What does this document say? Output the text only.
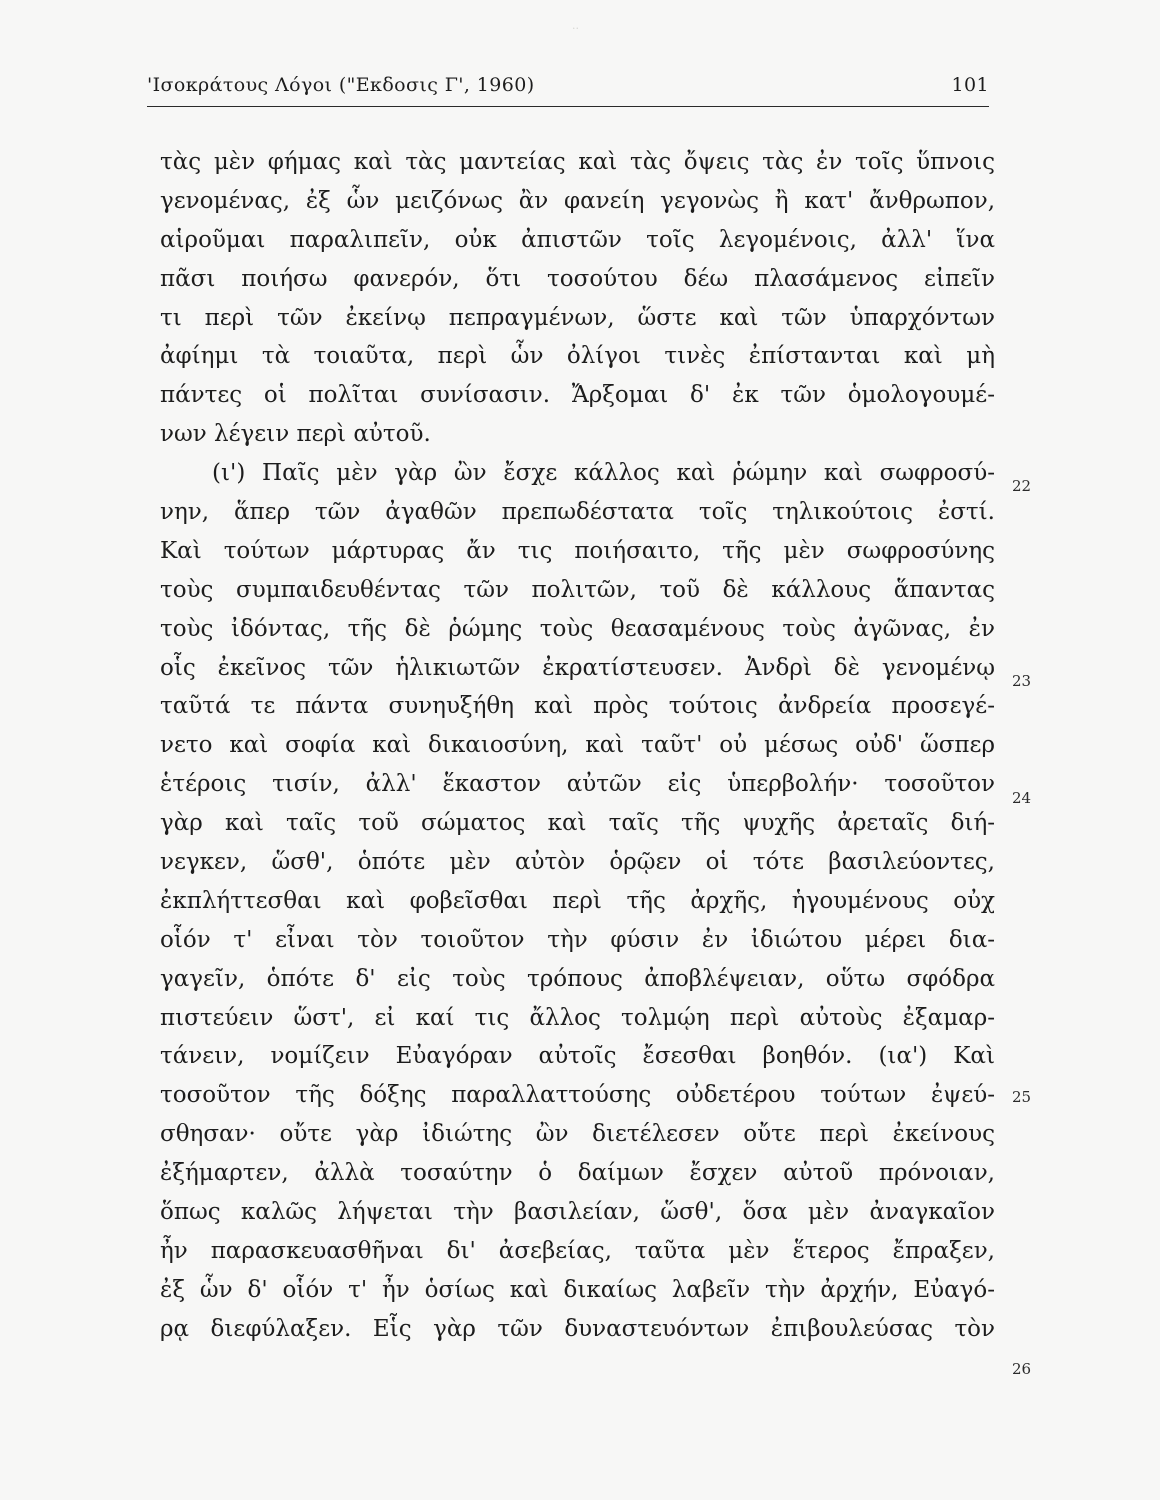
··
'Ισοκράτους Λόγοι ("Εκδοσις Γ', 1960)	101
τὰς μὲν φήμας καὶ τὰς μαντείας καὶ τὰς ὄψεις τὰς ἐν τοῖς ὕπνοις
γενομένας, ἐξ ὧν μειζόνως ἂν φανείη γεγονὼς ἢ κατ' ἄνθρωπον,
αἱροῦμαι παραλιπεῖν, οὐκ ἀπιστῶν τοῖς λεγομένοις, ἀλλ' ἵνα
πᾶσι ποιήσω φανερόν, ὅτι τοσούτου δέω πλασάμενος εἰπεῖν
τι περὶ τῶν ἐκείνῳ πεπραγμένων, ὥστε καὶ τῶν ὑπαρχόντων
ἀφίημι τὰ τοιαῦτα, περὶ ὧν ὀλίγοι τινὲς ἐπίστανται καὶ μὴ
πάντες οἱ πολῖται συνίσασιν. Ἄρξομαι δ' ἐκ τῶν ὁμολογουμέ-
νων λέγειν περὶ αὐτοῦ.
(ι') Παῖς μὲν γὰρ ὢν ἔσχε κάλλος καὶ ῥώμην καὶ σωφροσύ-
νην, ἅπερ τῶν ἀγαθῶν πρεπωδέστατα τοῖς τηλικούτοις ἐστί.
Καὶ τούτων μάρτυρας ἄν τις ποιήσαιτο, τῆς μὲν σωφροσύνης
τοὺς συμπαιδευθέντας τῶν πολιτῶν, τοῦ δὲ κάλλους ἅπαντας
τοὺς ἰδόντας, τῆς δὲ ῥώμης τοὺς θεασαμένους τοὺς ἀγῶνας, ἐν
οἷς ἐκεῖνος τῶν ἡλικιωτῶν ἐκρατίστευσεν. Ἀνδρὶ δὲ γενομένῳ
ταῦτά τε πάντα συνηυξήθη καὶ πρὸς τούτοις ἀνδρεία προσεγέ-
νετο καὶ σοφία καὶ δικαιοσύνη, καὶ ταῦτ' οὐ μέσως οὐδ' ὥσπερ
ἑτέροις τισίν, ἀλλ' ἕκαστον αὐτῶν εἰς ὑπερβολήν· τοσοῦτον
γὰρ καὶ ταῖς τοῦ σώματος καὶ ταῖς τῆς ψυχῆς ἀρεταῖς διή-
νεγκεν, ὥσθ', ὁπότε μὲν αὐτὸν ὁρῷεν οἱ τότε βασιλεύοντες,
ἐκπλήττεσθαι καὶ φοβεῖσθαι περὶ τῆς ἀρχῆς, ἡγουμένους οὐχ
οἷόν τ' εἶναι τὸν τοιοῦτον τὴν φύσιν ἐν ἰδιώτου μέρει δια-
γαγεῖν, ὁπότε δ' εἰς τοὺς τρόπους ἀποβλέψειαν, οὕτω σφόδρα
πιστεύειν ὥστ', εἰ καί τις ἄλλος τολμῴη περὶ αὐτοὺς ἐξαμαρ-
τάνειν, νομίζειν Εὐαγόραν αὐτοῖς ἔσεσθαι βοηθόν. (ια') Καὶ
τοσοῦτον τῆς δόξης παραλλαττούσης οὐδετέρου τούτων ἐψεύ-
σθησαν· οὔτε γὰρ ἰδιώτης ὢν διετέλεσεν οὔτε περὶ ἐκείνους
ἐξήμαρτεν, ἀλλὰ τοσαύτην ὁ δαίμων ἔσχεν αὐτοῦ πρόνοιαν,
ὅπως καλῶς λήψεται τὴν βασιλείαν, ὥσθ', ὅσα μὲν ἀναγκαῖον
ἦν παρασκευασθῆναι δι' ἀσεβείας, ταῦτα μὲν ἕτερος ἔπραξεν,
ἐξ ὧν δ' οἷόν τ' ἦν ὁσίως καὶ δικαίως λαβεῖν τὴν ἀρχήν, Εὐαγό-
ρᾳ διεφύλαξεν. Εἷς γὰρ τῶν δυναστευόντων ἐπιβουλεύσας τὸν
22
23
24
25
26
